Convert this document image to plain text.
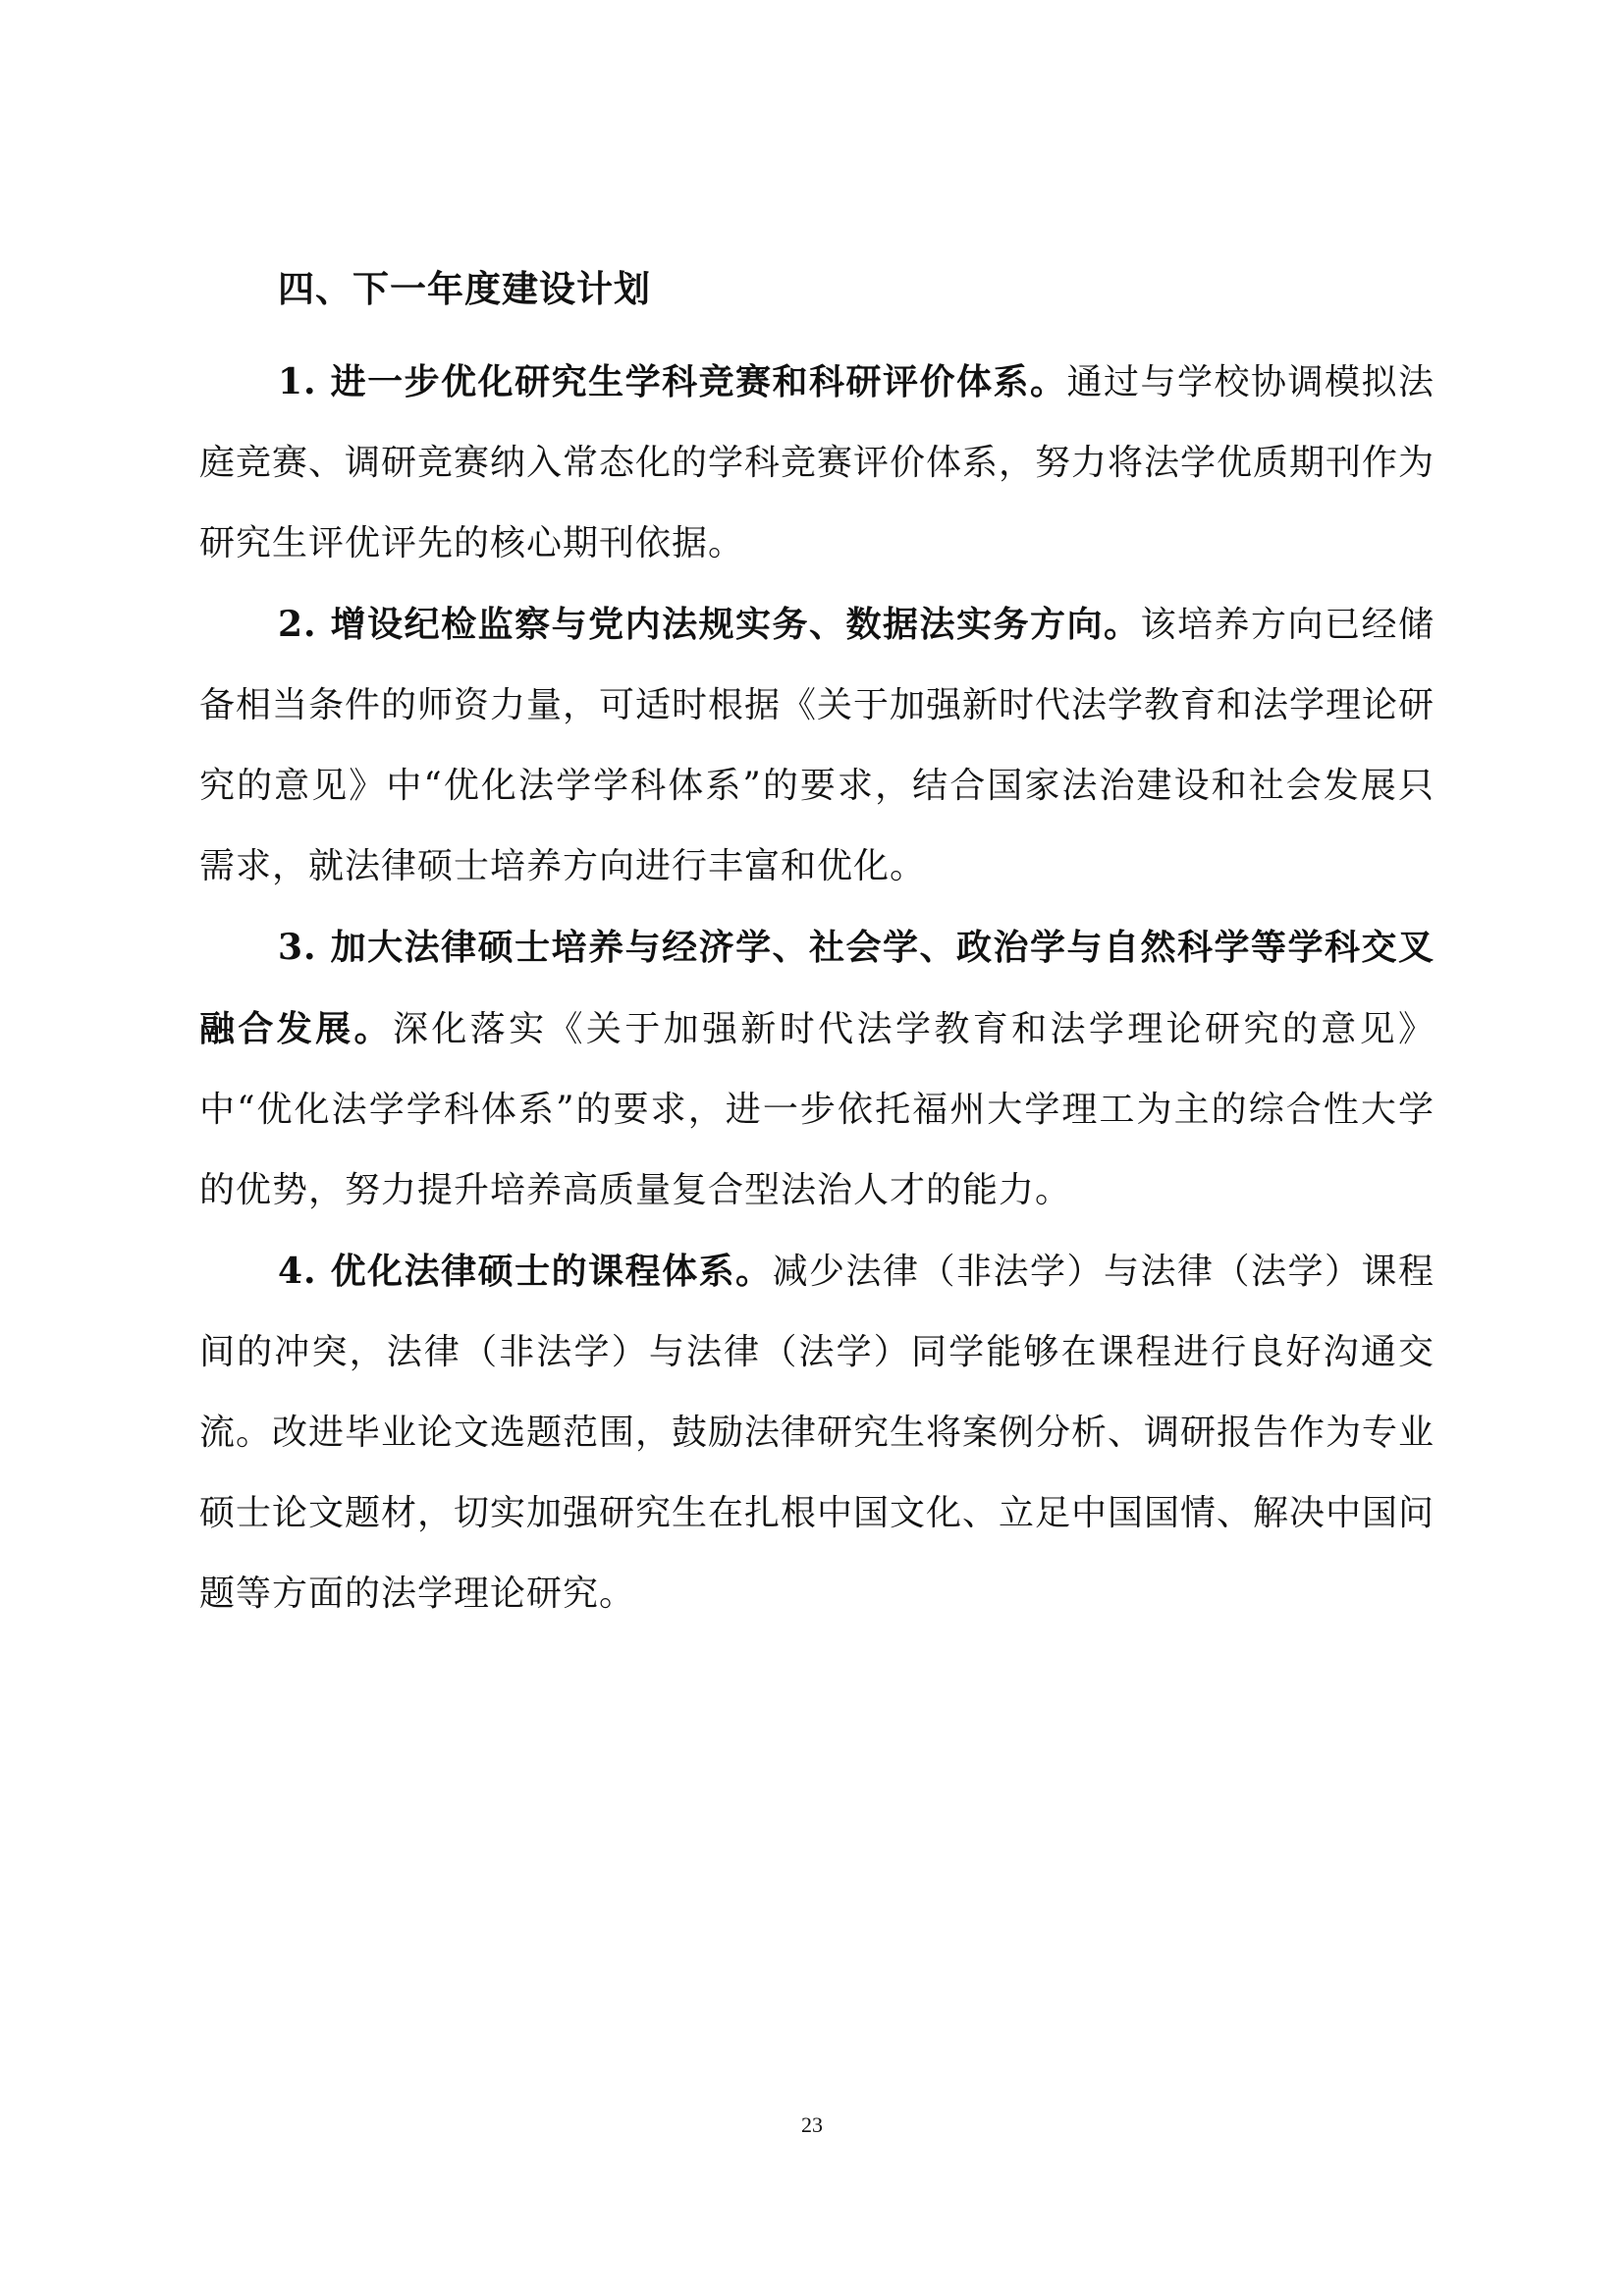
四、下一年度建设计划

1. 进一步优化研究生学科竞赛和科研评价体系。通过与学校协调模拟法庭竞赛、调研竞赛纳入常态化的学科竞赛评价体系，努力将法学优质期刊作为研究生评优评先的核心期刊依据。

2. 增设纪检监察与党内法规实务、数据法实务方向。该培养方向已经储备相当条件的师资力量，可适时根据《关于加强新时代法学教育和法学理论研究的意见》中“优化法学学科体系”的要求，结合国家法治建设和社会发展只需求，就法律硕士培养方向进行丰富和优化。

3. 加大法律硕士培养与经济学、社会学、政治学与自然科学等学科交叉融合发展。深化落实《关于加强新时代法学教育和法学理论研究的意见》中“优化法学学科体系”的要求，进一步依托福州大学理工为主的综合性大学的优势，努力提升培养高质量复合型法治人才的能力。

4. 优化法律硕士的课程体系。减少法律（非法学）与法律（法学）课程间的冲突，法律（非法学）与法律（法学）同学能够在课程进行良好沟通交流。改进毕业论文选题范围，鼓励法律研究生将案例分析、调研报告作为专业硕士论文题材，切实加强研究生在扎根中国文化、立足中国国情、解决中国问题等方面的法学理论研究。

23
